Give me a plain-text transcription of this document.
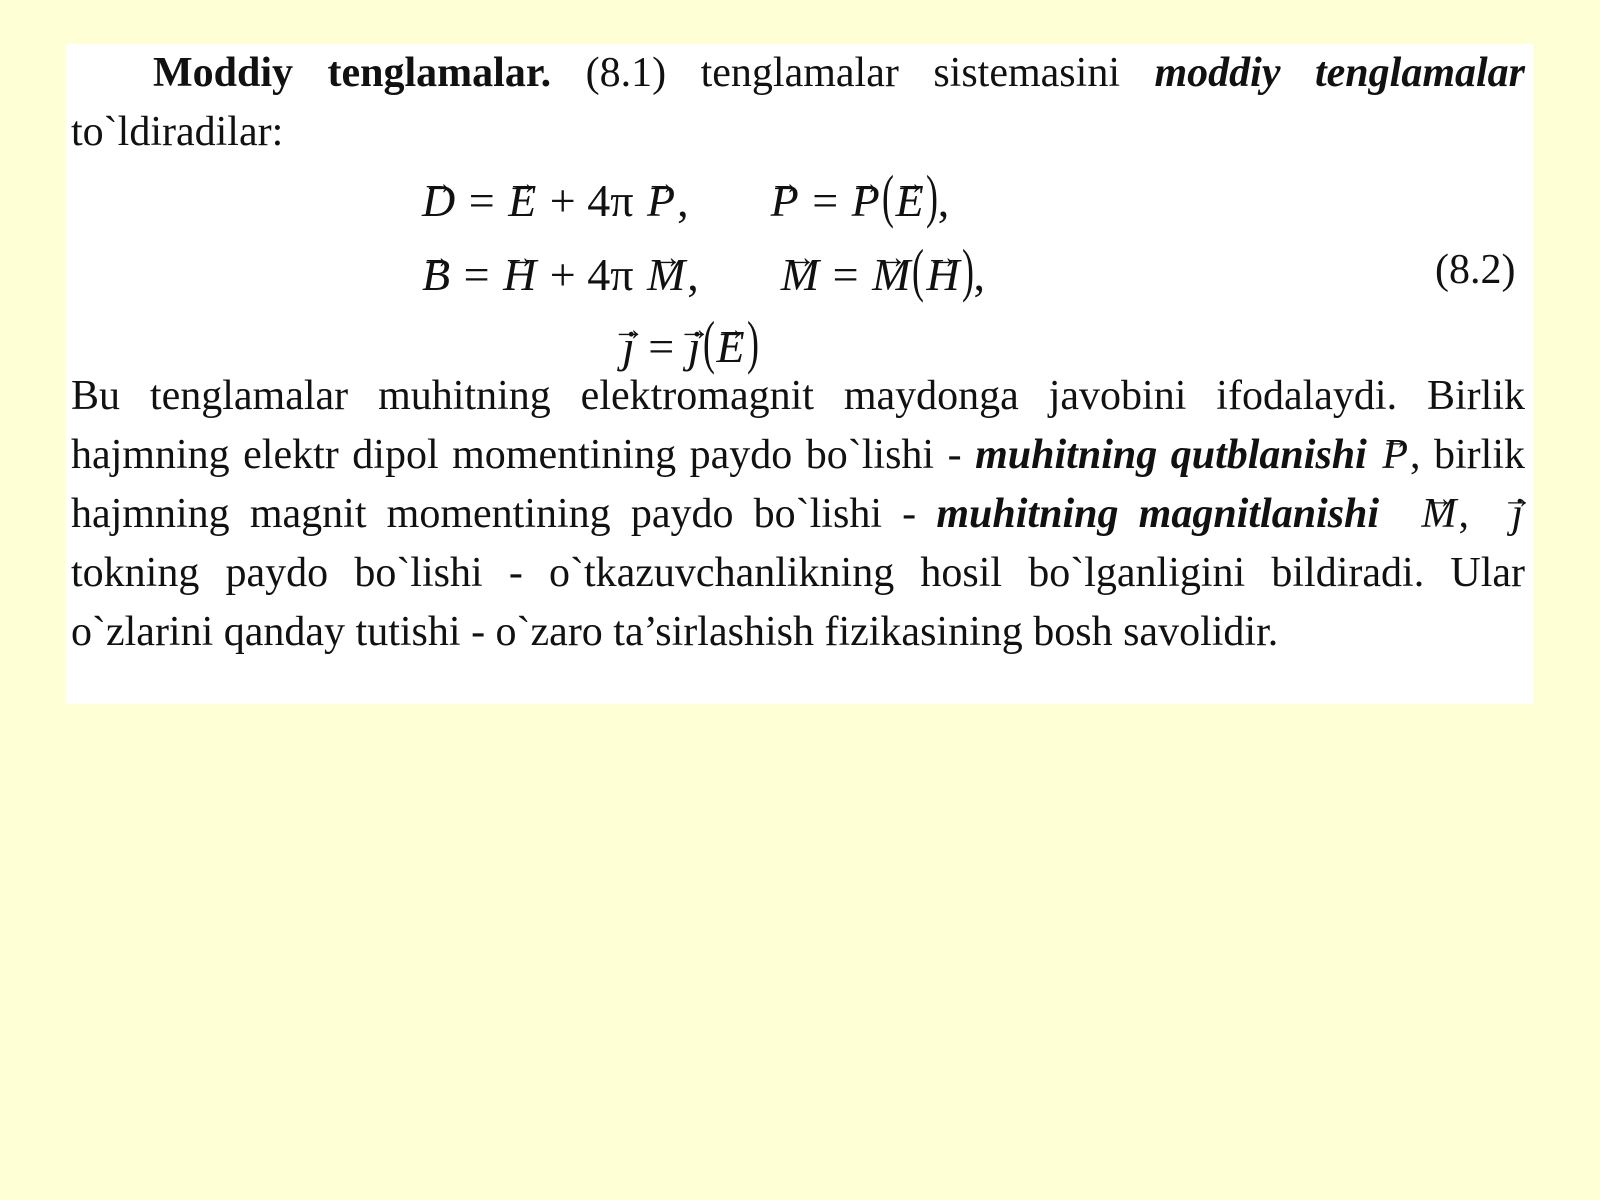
Moddiy tenglamalar. (8.1) tenglamalar sistemasini moddiy tenglamalar to`ldiradilar:

→ D = → E + 4π → P, → P = → P(→ E),
→ B = → H + 4π → M, → M = → M(→ H),	(8.2)
→ j = → j(→ E)

Bu tenglamalar muhitning elektromagnit maydonga javobini ifodalaydi. Birlik hajmning elektr dipol momentining paydo bo`lishi - muhitning qutblanishi → P, birlik hajmning magnit momentining paydo bo`lishi - muhitning magnitlanishi → M,  → j tokning paydo bo`lishi - o`tkazuvchanlikning hosil bo`lganligini bildiradi. Ular o`zlarini qanday tutishi - o`zaro ta’sirlashish fizikasining bosh savolidir.
